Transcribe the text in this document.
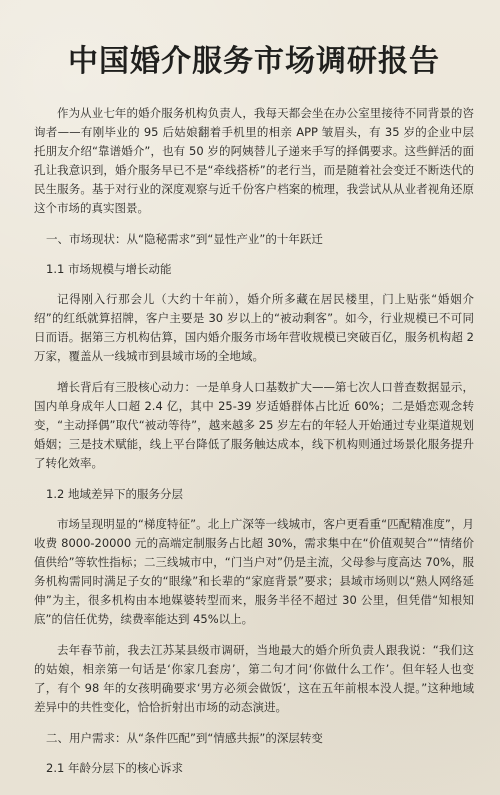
中国婚介服务市场调研报告

作为从业七年的婚介服务机构负责人，我每天都会坐在办公室里接待不同背景的咨询者——有刚毕业的 95 后姑娘翻着手机里的相亲 APP 皱眉头，有 35 岁的企业中层托朋友介绍“靠谱婚介”，也有 50 岁的阿姨替儿子递来手写的择偶要求。这些鲜活的面孔让我意识到，婚介服务早已不是“牵线搭桥”的老行当，而是随着社会变迁不断迭代的民生服务。基于对行业的深度观察与近千份客户档案的梳理，我尝试从从业者视角还原这个市场的真实图景。

一、市场现状：从“隐秘需求”到“显性产业”的十年跃迁
1.1 市场规模与增长动能

记得刚入行那会儿（大约十年前），婚介所多藏在居民楼里，门上贴张“婚姻介绍”的红纸就算招牌，客户主要是 30 岁以上的“被动剩客”。如今，行业规模已不可同日而语。据第三方机构估算，国内婚介服务市场年营收规模已突破百亿，服务机构超 2 万家，覆盖从一线城市到县域市场的全地域。

增长背后有三股核心动力：一是单身人口基数扩大——第七次人口普查数据显示，国内单身成年人口超 2.4 亿，其中 25-39 岁适婚群体占比近 60%；二是婚恋观念转变，“主动择偶”取代“被动等待”，越来越多 25 岁左右的年轻人开始通过专业渠道规划婚姻；三是技术赋能，线上平台降低了服务触达成本，线下机构则通过场景化服务提升了转化效率。

1.2 地域差异下的服务分层

市场呈现明显的“梯度特征”。北上广深等一线城市，客户更看重“匹配精准度”，月收费 8000-20000 元的高端定制服务占比超 30%，需求集中在“价值观契合”“情绪价值供给”等软性指标；二三线城市中，“门当户对”仍是主流，父母参与度高达 70%，服务机构需同时满足子女的“眼缘”和长辈的“家庭背景”要求；县域市场则以“熟人网络延伸”为主，很多机构由本地媒婆转型而来，服务半径不超过 30 公里，但凭借“知根知底”的信任优势，续费率能达到 45%以上。

去年春节前，我去江苏某县级市调研，当地最大的婚介所负责人跟我说：“我们这的姑娘，相亲第一句话是‘你家几套房’，第二句才问‘你做什么工作’。但年轻人也变了，有个 98 年的女孩明确要求‘男方必须会做饭’，这在五年前根本没人提。”这种地域差异中的共性变化，恰恰折射出市场的动态演进。

二、用户需求：从“条件匹配”到“情感共振”的深层转变
2.1 年龄分层下的核心诉求
